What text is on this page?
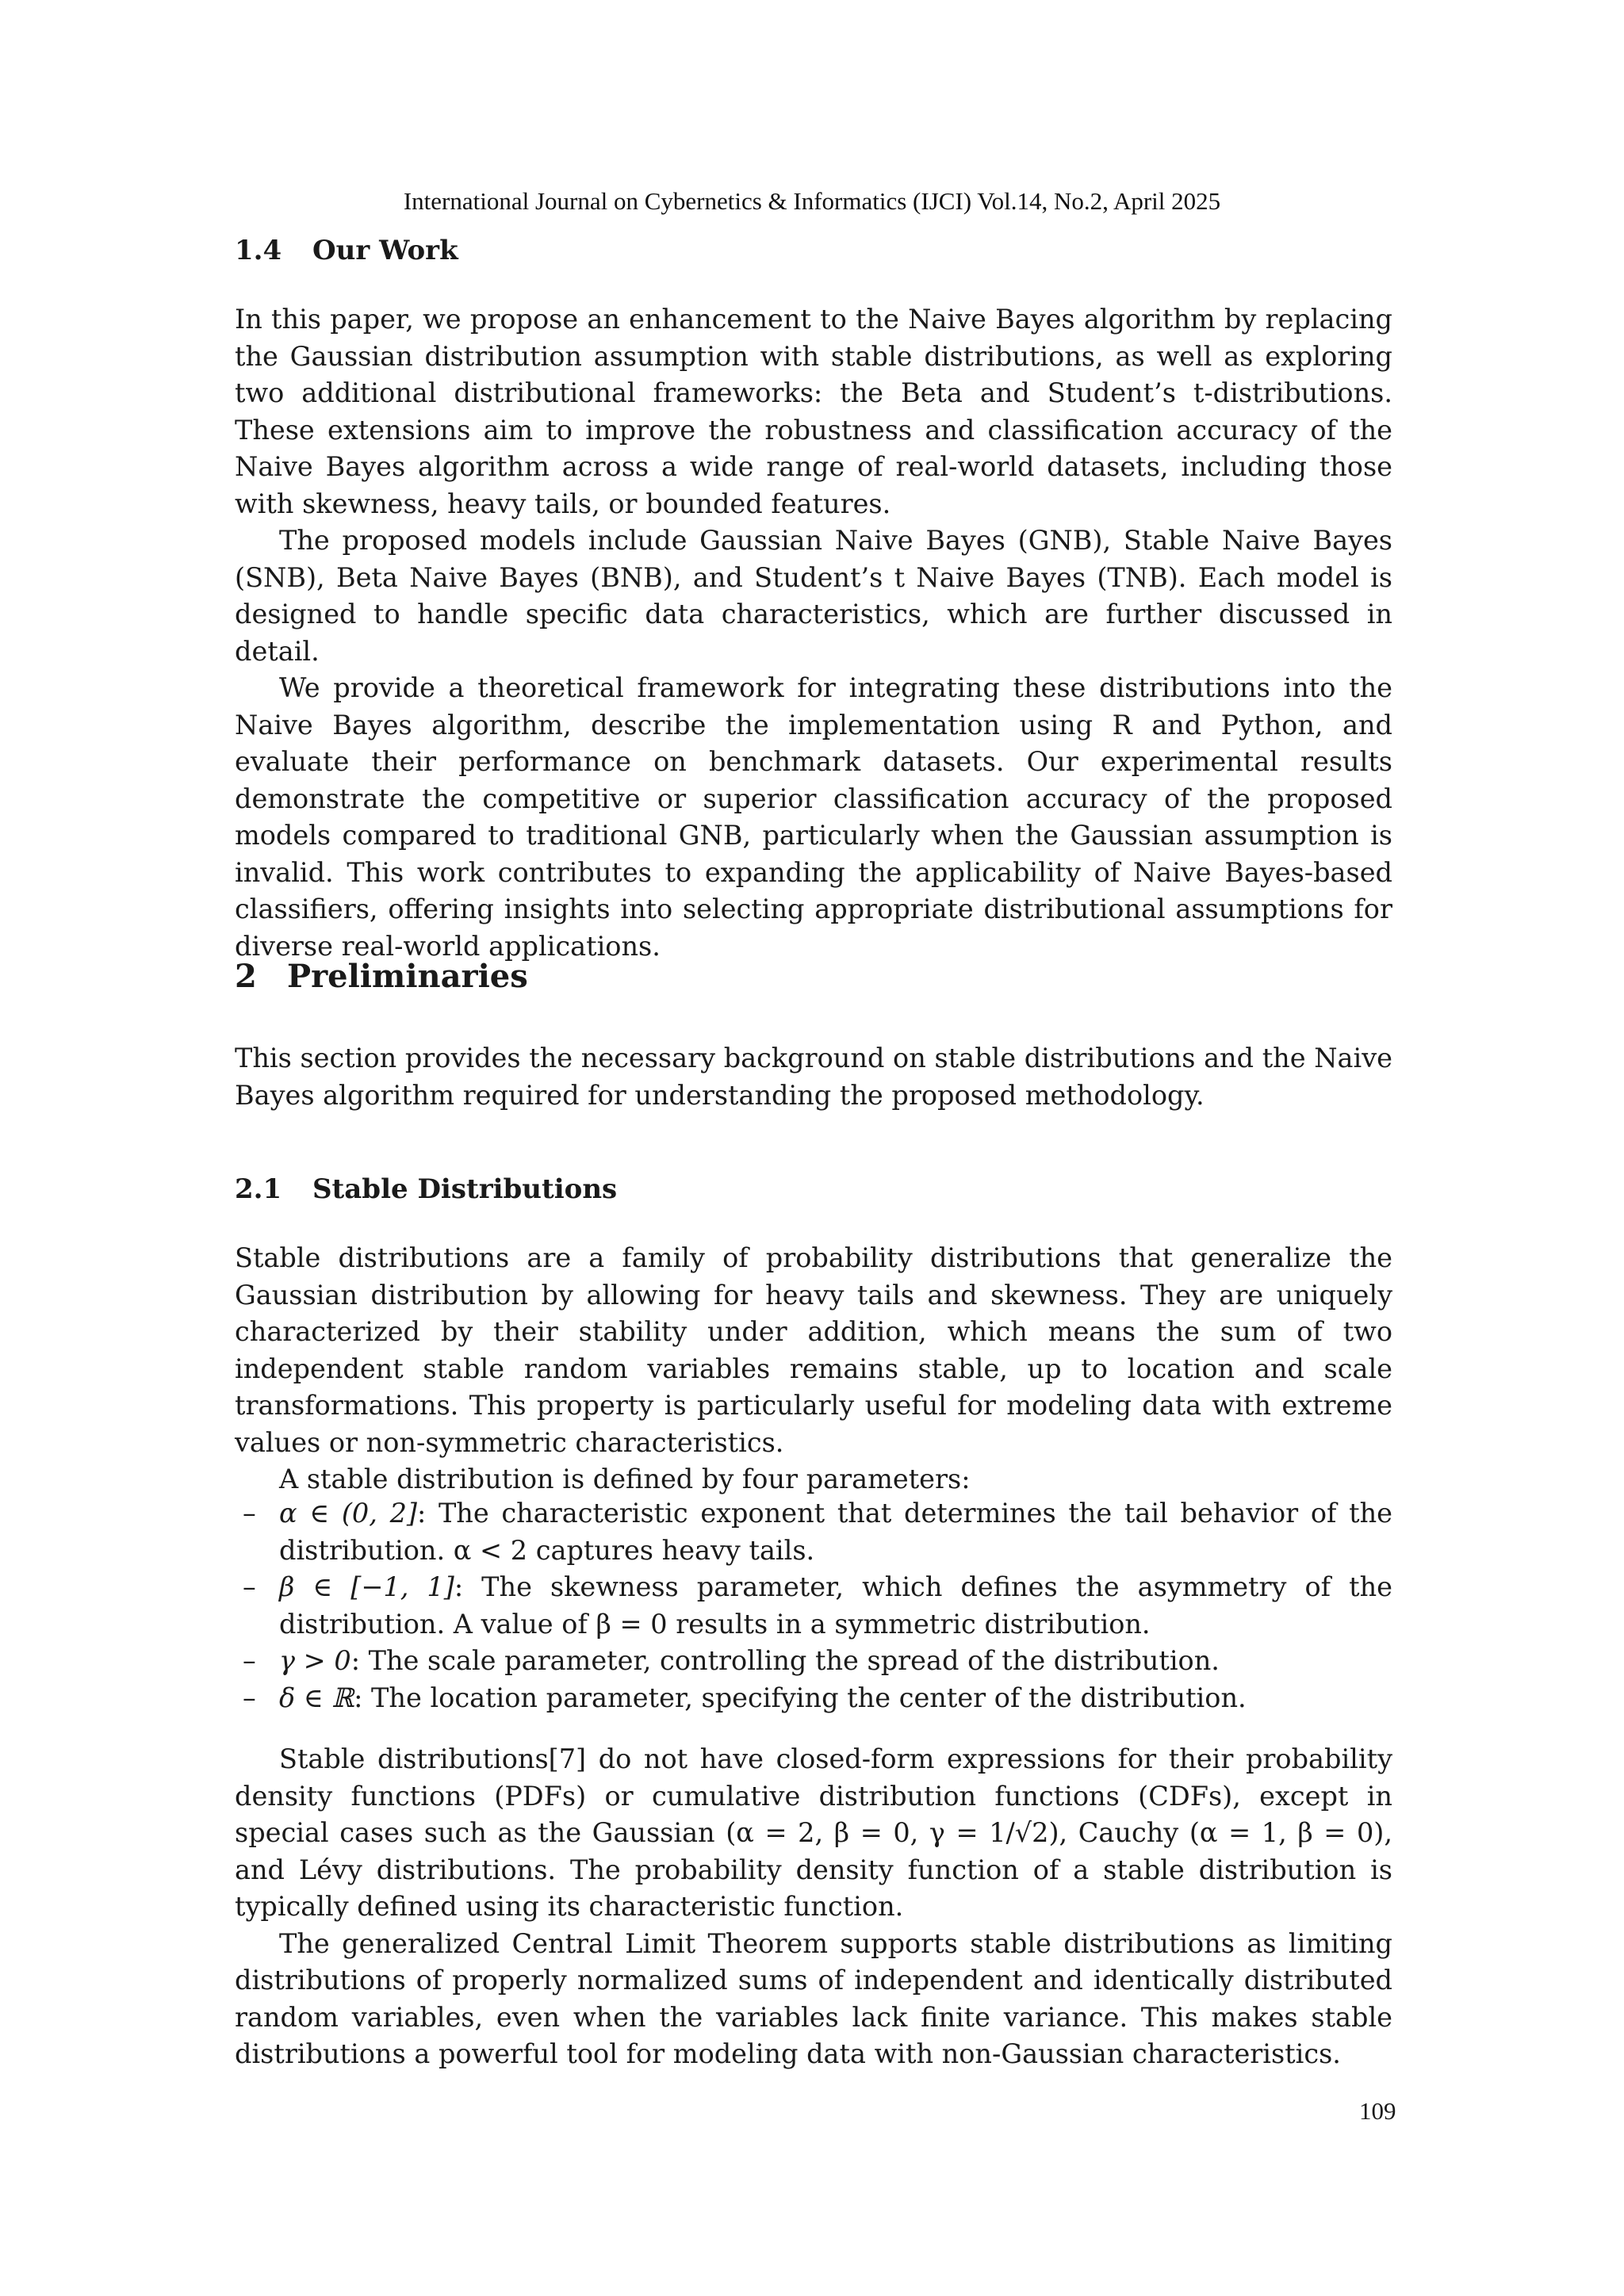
International Journal on Cybernetics & Informatics (IJCI) Vol.14, No.2, April 2025
1.4	Our Work

In this paper, we propose an enhancement to the Naive Bayes algorithm by replacing the Gaussian distribution assumption with stable distributions, as well as exploring two additional distributional frameworks: the Beta and Student’s t-distributions. These extensions aim to improve the robustness and classification accuracy of the Naive Bayes algorithm across a wide range of real-world datasets, including those with skewness, heavy tails, or bounded features.

The proposed models include Gaussian Naive Bayes (GNB), Stable Naive Bayes (SNB), Beta Naive Bayes (BNB), and Student’s t Naive Bayes (TNB). Each model is designed to handle specific data characteristics, which are further discussed in detail.

We provide a theoretical framework for integrating these distributions into the Naive Bayes algorithm, describe the implementation using R and Python, and evaluate their performance on benchmark datasets. Our experimental results demonstrate the competitive or superior classification accuracy of the proposed models compared to traditional GNB, particularly when the Gaussian assumption is invalid. This work contributes to expanding the applicability of Naive Bayes-based classifiers, offering insights into selecting appropriate distributional assumptions for diverse real-world applications.

2 Preliminaries

This section provides the necessary background on stable distributions and the Naive Bayes algorithm required for understanding the proposed methodology.

2.1	Stable Distributions

Stable distributions are a family of probability distributions that generalize the Gaussian distribution by allowing for heavy tails and skewness. They are uniquely characterized by their stability under addition, which means the sum of two independent stable random variables remains stable, up to location and scale transformations. This property is particularly useful for modeling data with extreme values or non-symmetric characteristics.

A stable distribution is defined by four parameters:

– α ∈ (0, 2]: The characteristic exponent that determines the tail behavior of the distribution. α < 2 captures heavy tails.
– β ∈ [−1, 1]: The skewness parameter, which defines the asymmetry of the distribution. A value of β = 0 results in a symmetric distribution.
– γ > 0: The scale parameter, controlling the spread of the distribution.
– δ ∈ ℝ: The location parameter, specifying the center of the distribution.

Stable distributions[7] do not have closed-form expressions for their probability density functions (PDFs) or cumulative distribution functions (CDFs), except in special cases such as the Gaussian (α = 2, β = 0, γ = 1/√2), Cauchy (α = 1, β = 0), and Lévy distributions. The probability density function of a stable distribution is typically defined using its characteristic function.

The generalized Central Limit Theorem supports stable distributions as limiting distributions of properly normalized sums of independent and identically distributed random variables, even when the variables lack finite variance. This makes stable distributions a powerful tool for modeling data with non-Gaussian characteristics.

109
